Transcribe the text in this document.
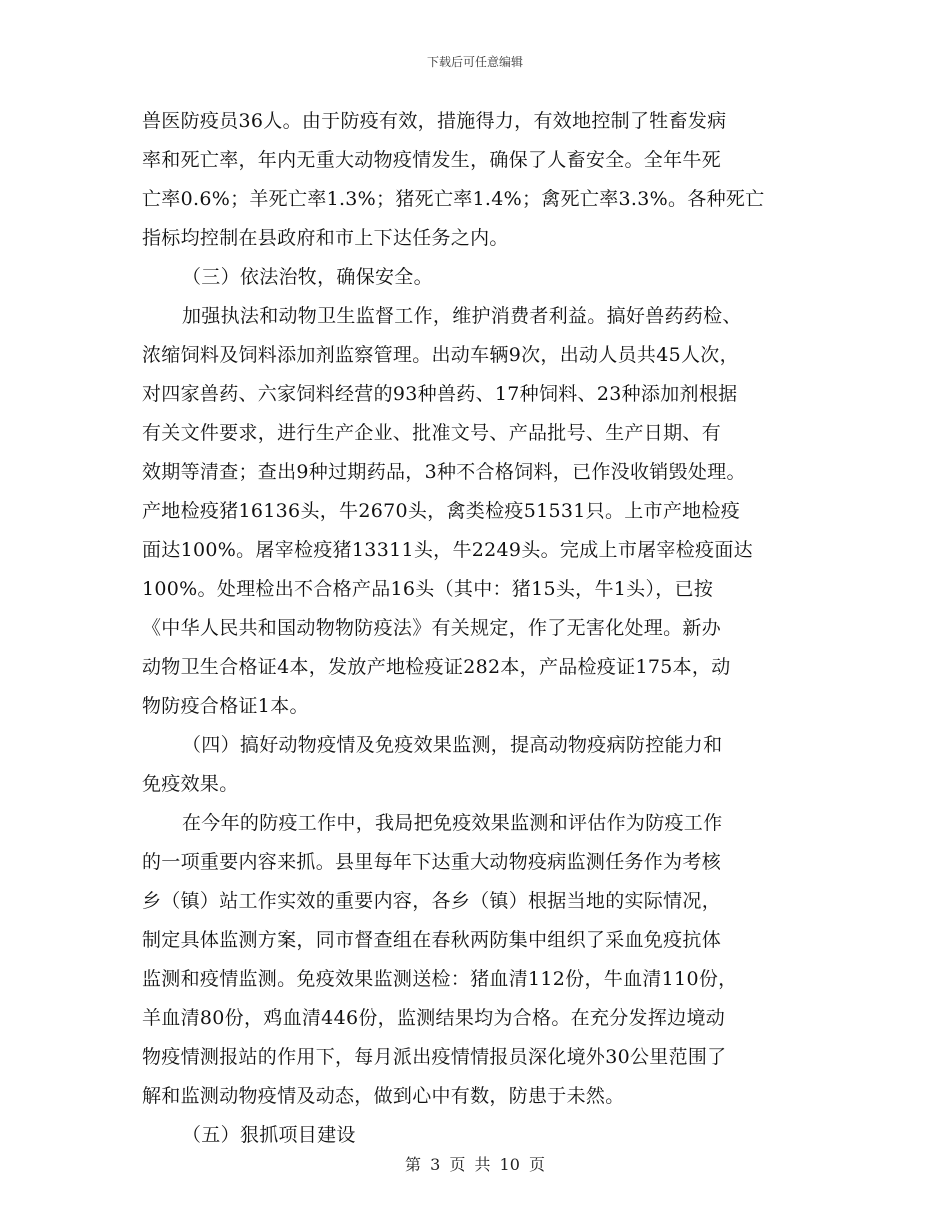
下载后可任意编辑
兽医防疫员36人。由于防疫有效，措施得力，有效地控制了牲畜发病
率和死亡率，年内无重大动物疫情发生，确保了人畜安全。全年牛死
亡率0.6%；羊死亡率1.3%；猪死亡率1.4%；禽死亡率3.3%。各种死亡
指标均控制在县政府和市上下达任务之内。
（三）依法治牧，确保安全。
加强执法和动物卫生监督工作，维护消费者利益。搞好兽药药检、
浓缩饲料及饲料添加剂监察管理。出动车辆9次，出动人员共45人次，
对四家兽药、六家饲料经营的93种兽药、17种饲料、23种添加剂根据
有关文件要求，进行生产企业、批准文号、产品批号、生产日期、有
效期等清查；查出9种过期药品，3种不合格饲料，已作没收销毁处理。
产地检疫猪16136头，牛2670头，禽类检疫51531只。上市产地检疫
面达100%。屠宰检疫猪13311头，牛2249头。完成上市屠宰检疫面达
100%。处理检出不合格产品16头（其中：猪15头，牛1头），已按
《中华人民共和国动物物防疫法》有关规定，作了无害化处理。新办
动物卫生合格证4本，发放产地检疫证282本，产品检疫证175本，动
物防疫合格证1本。
（四）搞好动物疫情及免疫效果监测，提高动物疫病防控能力和
免疫效果。
在今年的防疫工作中，我局把免疫效果监测和评估作为防疫工作
的一项重要内容来抓。县里每年下达重大动物疫病监测任务作为考核
乡（镇）站工作实效的重要内容，各乡（镇）根据当地的实际情况，
制定具体监测方案，同市督查组在春秋两防集中组织了采血免疫抗体
监测和疫情监测。免疫效果监测送检：猪血清112份，牛血清110份，
羊血清80份，鸡血清446份，监测结果均为合格。在充分发挥边境动
物疫情测报站的作用下，每月派出疫情情报员深化境外30公里范围了
解和监测动物疫情及动态，做到心中有数，防患于未然。
（五）狠抓项目建设
第 3 页 共 10 页
